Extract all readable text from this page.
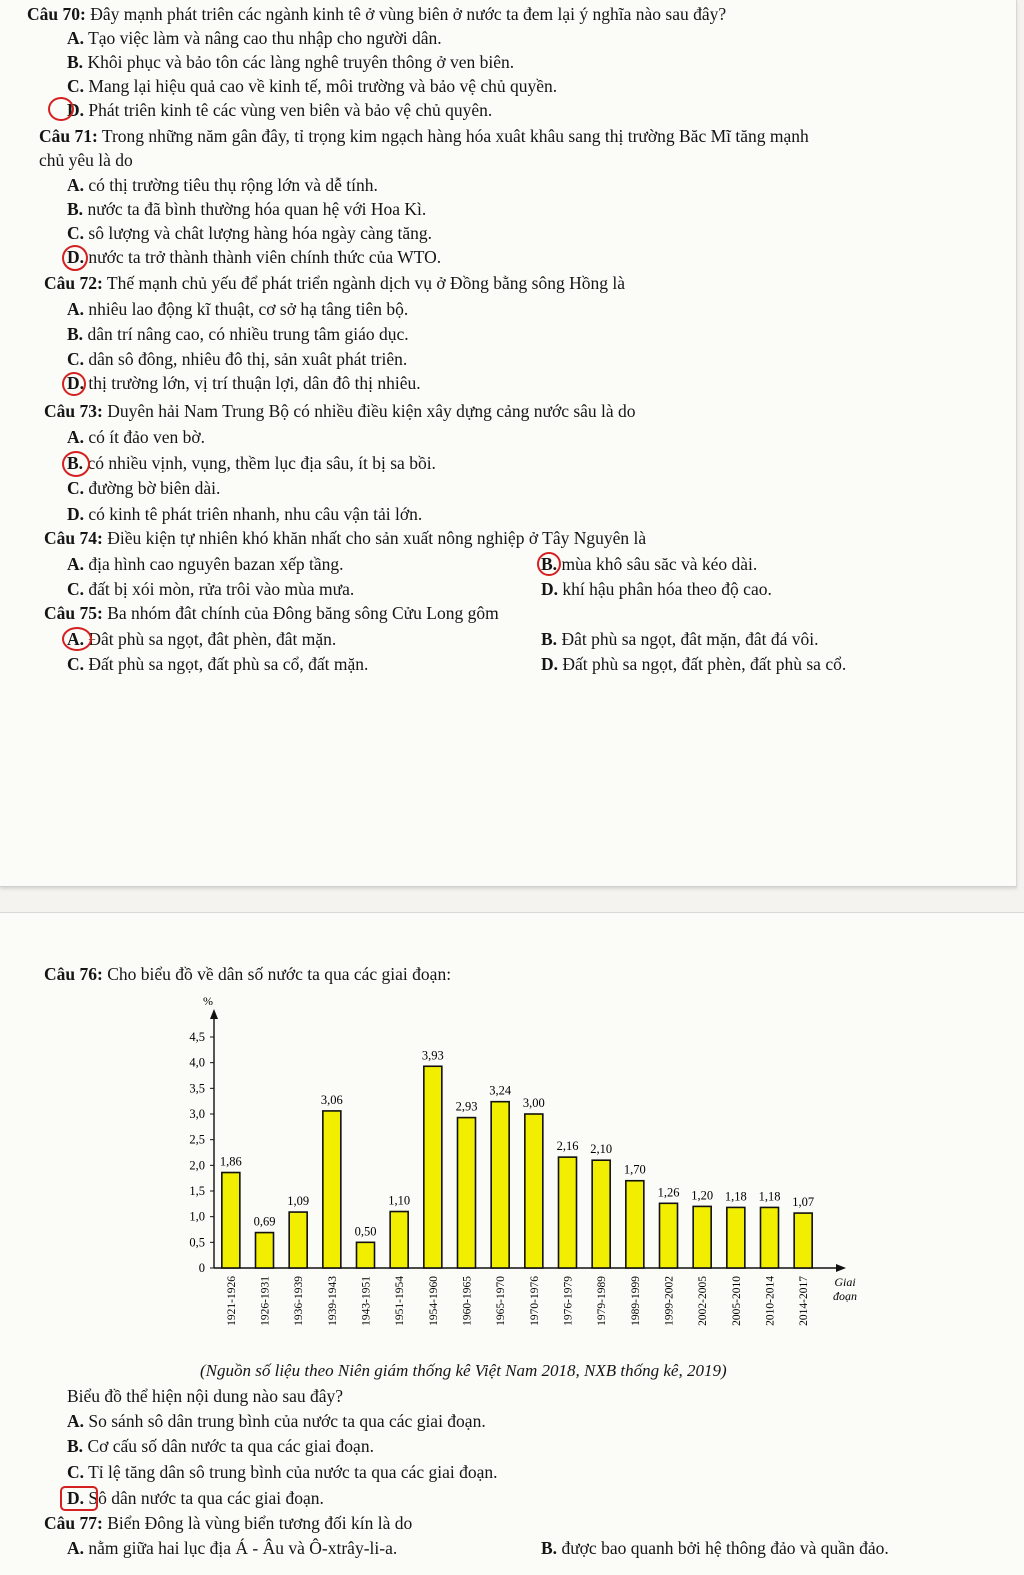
Câu 70: Đây mạnh phát triên các ngành kinh tê ở vùng biên ở nước ta đem lại ý nghĩa nào sau đây?
A. Tạo việc làm và nâng cao thu nhập cho người dân.
B. Khôi phục và bảo tôn các làng nghê truyên thông ở ven biên.
C. Mang lại hiệu quả cao về kinh tế, môi trường và bảo vệ chủ quyền.
D. Phát triên kinh tê các vùng ven biên và bảo vệ chủ quyên.
Câu 71: Trong những năm gân đây, tỉ trọng kim ngạch hàng hóa xuât khâu sang thị trường Băc Mĩ tăng mạnh
chủ yêu là do
A. có thị trường tiêu thụ rộng lớn và dễ tính.
B. nước ta đã bình thường hóa quan hệ với Hoa Kì.
C. sô lượng và chât lượng hàng hóa ngày càng tăng.
D. nước ta trở thành thành viên chính thức của WTO.
Câu 72: Thế mạnh chủ yếu để phát triển ngành dịch vụ ở Đồng bằng sông Hồng là
A. nhiêu lao động kĩ thuật, cơ sở hạ tâng tiên bộ.
B. dân trí nâng cao, có nhiều trung tâm giáo dục.
C. dân sô đông, nhiêu đô thị, sản xuât phát triên.
D. thị trường lớn, vị trí thuận lợi, dân đô thị nhiêu.
Câu 73: Duyên hải Nam Trung Bộ có nhiều điều kiện xây dựng cảng nước sâu là do
A. có ít đảo ven bờ.
B. có nhiều vịnh, vụng, thềm lục địa sâu, ít bị sa bồi.
C. đường bờ biên dài.
D. có kinh tê phát triên nhanh, nhu câu vận tải lớn.
Câu 74: Điều kiện tự nhiên khó khăn nhất cho sản xuất nông nghiệp ở Tây Nguyên là
A. địa hình cao nguyên bazan xếp tầng.	B. mùa khô sâu săc và kéo dài.
C. đất bị xói mòn, rửa trôi vào mùa mưa.	D. khí hậu phân hóa theo độ cao.
Câu 75: Ba nhóm đât chính của Đông băng sông Cửu Long gôm
A. Đât phù sa ngọt, đât phèn, đât mặn.	B. Đât phù sa ngọt, đât mặn, đât đá vôi.
C. Đất phù sa ngọt, đất phù sa cổ, đất mặn.	D. Đất phù sa ngọt, đất phèn, đất phù sa cổ.
Câu 76: Cho biểu đồ về dân số nước ta qua các giai đoạn:
%
Giai
đoạn
1,86
0,69
1,09
3,06
0,50
1,10
3,93
2,93
3,24
3,00
2,16 2,10
1,70
1,26 1,20 1,18 1,18 1,07
1921-1926 1926-1931 1936-1939 1939-1943 1943-1951 1951-1954 1954-1960 1960-1965 1965-1970 1970-1976 1976-1979 1979-1989 1989-1999 1999-2002 2002-2005 2005-2010 2010-2014 2014-2017
0
0,5
1,0
1,5
2,0
2,5
3,0
3,5
4,0
4,5
(Nguồn số liệu theo Niên giám thống kê Việt Nam 2018, NXB thống kê, 2019)
Biểu đồ thể hiện nội dung nào sau đây?
A. So sánh sô dân trung bình của nước ta qua các giai đoạn.
B. Cơ cấu số dân nước ta qua các giai đoạn.
C. Tỉ lệ tăng dân sô trung bình của nước ta qua các giai đoạn.
D. Sô dân nước ta qua các giai đoạn.
Câu 77: Biển Đông là vùng biển tương đối kín là do
A. nằm giữa hai lục địa Á - Âu và Ô-xtrây-li-a.	B. được bao quanh bởi hệ thông đảo và quần đảo.
